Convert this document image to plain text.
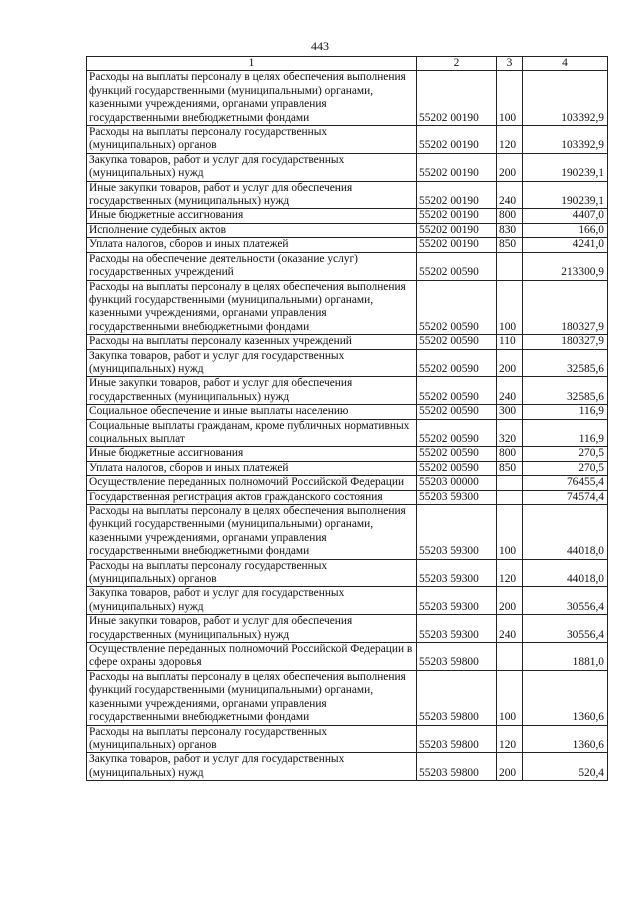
443
1	2	3	4
Расходы на выплаты персоналу в целях обеспечения выполнения функций государственными (муниципальными) органами, казенными учреждениями, органами управления государственными внебюджетными фондами	55202 00190	100	103392,9
Расходы на выплаты персоналу государственных (муниципальных) органов	55202 00190	120	103392,9
Закупка товаров, работ и услуг для государственных (муниципальных) нужд	55202 00190	200	190239,1
Иные закупки товаров, работ и услуг для обеспечения государственных (муниципальных) нужд	55202 00190	240	190239,1
Иные бюджетные ассигнования	55202 00190	800	4407,0
Исполнение судебных актов	55202 00190	830	166,0
Уплата налогов, сборов и иных платежей	55202 00190	850	4241,0
Расходы на обеспечение деятельности (оказание услуг) государственных учреждений	55202 00590		213300,9
Расходы на выплаты персоналу в целях обеспечения выполнения функций государственными (муниципальными) органами, казенными учреждениями, органами управления государственными внебюджетными фондами	55202 00590	100	180327,9
Расходы на выплаты персоналу казенных учреждений	55202 00590	110	180327,9
Закупка товаров, работ и услуг для государственных (муниципальных) нужд	55202 00590	200	32585,6
Иные закупки товаров, работ и услуг для обеспечения государственных (муниципальных) нужд	55202 00590	240	32585,6
Социальное обеспечение и иные выплаты населению	55202 00590	300	116,9
Социальные выплаты гражданам, кроме публичных нормативных социальных выплат	55202 00590	320	116,9
Иные бюджетные ассигнования	55202 00590	800	270,5
Уплата налогов, сборов и иных платежей	55202 00590	850	270,5
Осуществление переданных полномочий Российской Федерации	55203 00000		76455,4
Государственная регистрация актов гражданского состояния	55203 59300		74574,4
Расходы на выплаты персоналу в целях обеспечения выполнения функций государственными (муниципальными) органами, казенными учреждениями, органами управления государственными внебюджетными фондами	55203 59300	100	44018,0
Расходы на выплаты персоналу государственных (муниципальных) органов	55203 59300	120	44018,0
Закупка товаров, работ и услуг для государственных (муниципальных) нужд	55203 59300	200	30556,4
Иные закупки товаров, работ и услуг для обеспечения государственных (муниципальных) нужд	55203 59300	240	30556,4
Осуществление переданных полномочий Российской Федерации в сфере охраны здоровья	55203 59800		1881,0
Расходы на выплаты персоналу в целях обеспечения выполнения функций государственными (муниципальными) органами, казенными учреждениями, органами управления государственными внебюджетными фондами	55203 59800	100	1360,6
Расходы на выплаты персоналу государственных (муниципальных) органов	55203 59800	120	1360,6
Закупка товаров, работ и услуг для государственных (муниципальных) нужд	55203 59800	200	520,4
